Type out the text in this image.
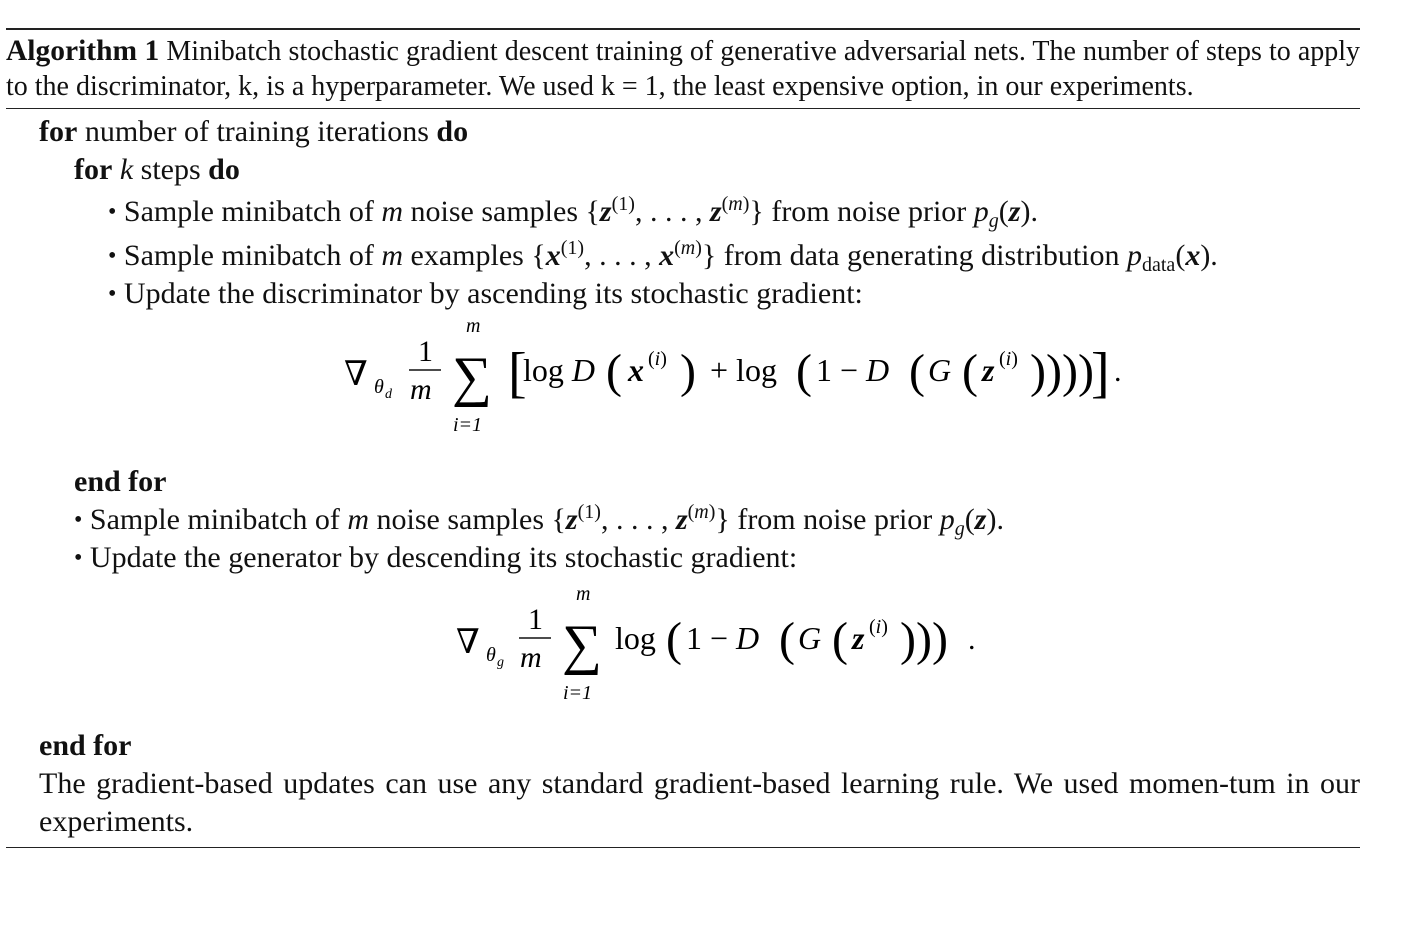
Algorithm 1 Minibatch stochastic gradient descent training of generative adversarial nets. The number of steps to apply to the discriminator, k, is a hyperparameter. We used k = 1, the least expensive option, in our experiments.
for number of training iterations do
for k steps do
• Sample minibatch of m noise samples {$z^{(1)}$, . . . , $z^{(m)}$} from noise prior $p_g(z)$.
• Sample minibatch of m examples {$x^{(1)}$, . . . , $x^{(m)}$} from data generating distribution $p_{data}(x)$.
• Update the discriminator by ascending its stochastic gradient:
∇ θ d
1
m
m
∑
i=1
[
log D ( x (i) ) + log ( 1 − D ( G ( z (i) ))))
] .
end for
• Sample minibatch of m noise samples {$z^{(1)}$, . . . , $z^{(m)}$} from noise prior $p_g(z)$.
• Update the generator by descending its stochastic gradient:
∇ θ g
1
m
m
∑
i=1
log ( 1 − D ( G ( z (i) ))) .
end for
The gradient-based updates can use any standard gradient-based learning rule. We used momen-tum in our experiments.
